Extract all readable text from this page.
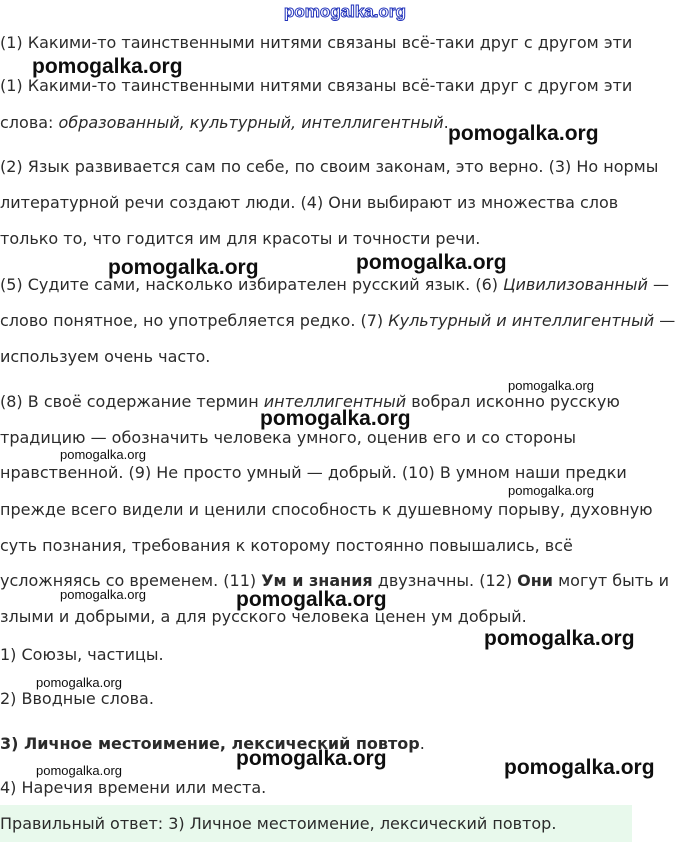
pomogalka.org
(1) Какими-то таинственными нитями связаны всё-таки друг с другом эти
(1) Какими-то таинственными нитями связаны всё-таки друг с другом эти
слова: образованный, культурный, интеллигентный.
(2) Язык развивается сам по себе, по своим законам, это верно. (3) Но нормы
литературной речи создают люди. (4) Они выбирают из множества слов
только то, что годится им для красоты и точности речи.
(5) Судите сами, насколько избирателен русский язык. (6) Цивилизованный —
слово понятное, но употребляется редко. (7) Культурный и интеллигентный —
используем очень часто.
(8) В своё содержание термин интеллигентный вобрал исконно русскую
традицию — обозначить человека умного, оценив его и со стороны
нравственной. (9) Не просто умный — добрый. (10) В умном наши предки
прежде всего видели и ценили способность к душевному порыву, духовную
суть познания, требования к которому постоянно повышались, всё
усложняясь со временем. (11) Ум и знания двузначны. (12) Они могут быть и
злыми и добрыми, а для русского человека ценен ум добрый.
1) Союзы, частицы.
2) Вводные слова.
3) Личное местоимение, лексический повтор.
4) Наречия времени или места.
pomogalka.org
pomogalka.org
pomogalka.org	pomogalka.org
pomogalka.org
pomogalka.org
pomogalka.org
pomogalka.org
pomogalka.org	pomogalka.org
pomogalka.org
pomogalka.org
pomogalka.org
pomogalka.org	pomogalka.org
Правильный ответ: 3) Личное местоимение, лексический повтор.
